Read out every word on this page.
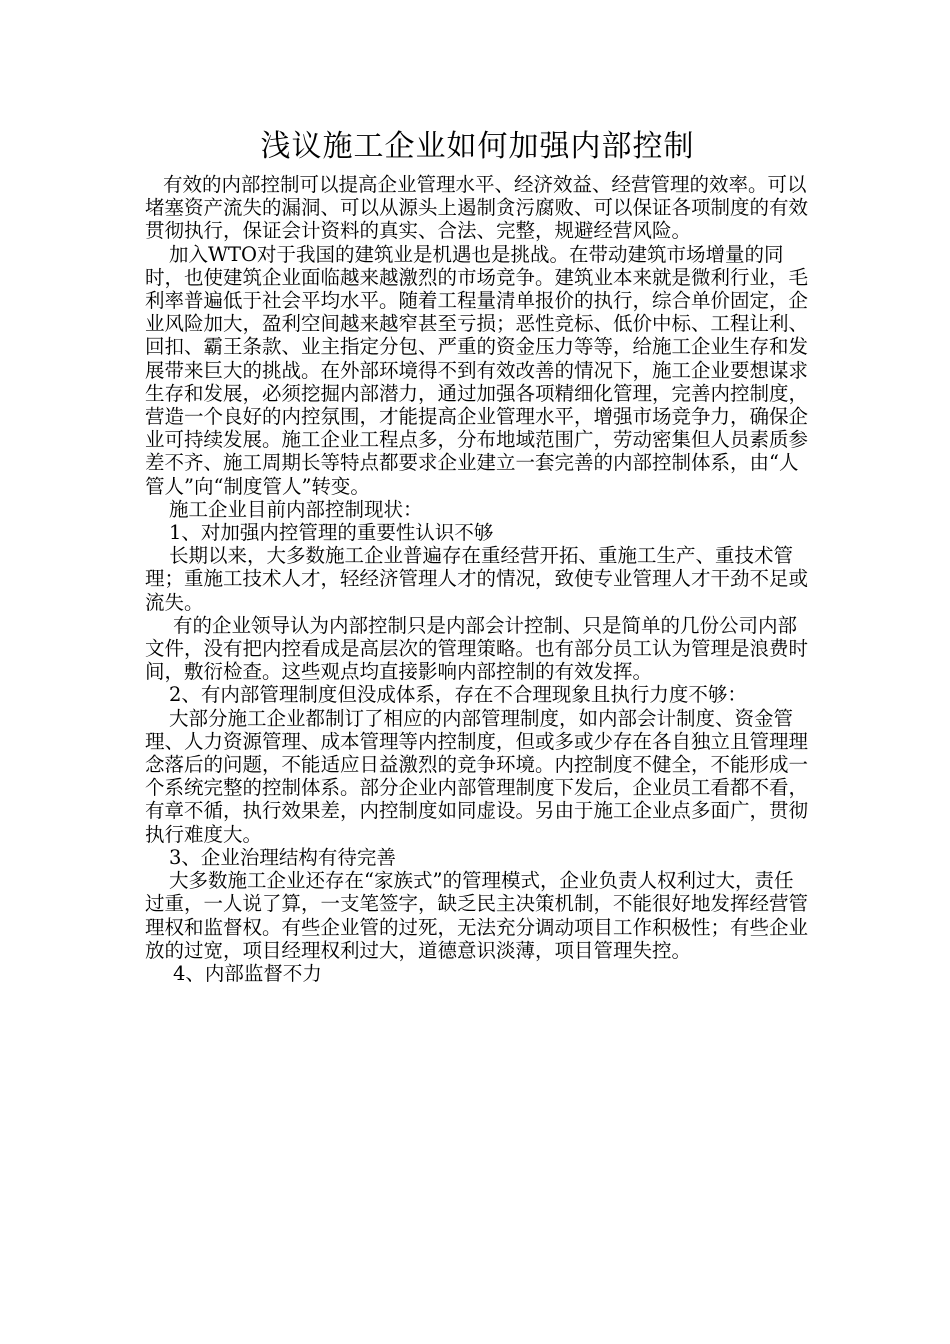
浅议施工企业如何加强内部控制

有效的内部控制可以提高企业管理水平、经济效益、经营管理的效率。可以堵塞资产流失的漏洞、可以从源头上遏制贪污腐败、可以保证各项制度的有效贯彻执行，保证会计资料的真实、合法、完整，规避经营风险。

加入WTO对于我国的建筑业是机遇也是挑战。在带动建筑市场增量的同时，也使建筑企业面临越来越激烈的市场竞争。建筑业本来就是微利行业，毛利率普遍低于社会平均水平。随着工程量清单报价的执行，综合单价固定，企业风险加大，盈利空间越来越窄甚至亏损；恶性竞标、低价中标、工程让利、回扣、霸王条款、业主指定分包、严重的资金压力等等，给施工企业生存和发展带来巨大的挑战。在外部环境得不到有效改善的情况下，施工企业要想谋求生存和发展，必须挖掘内部潜力，通过加强各项精细化管理，完善内控制度，营造一个良好的内控氛围，才能提高企业管理水平，增强市场竞争力，确保企业可持续发展。施工企业工程点多，分布地域范围广，劳动密集但人员素质参差不齐、施工周期长等特点都要求企业建立一套完善的内部控制体系，由“人管人”向“制度管人”转变。

施工企业目前内部控制现状：

1、对加强内控管理的重要性认识不够

长期以来，大多数施工企业普遍存在重经营开拓、重施工生产、重技术管理；重施工技术人才，轻经济管理人才的情况，致使专业管理人才干劲不足或流失。

有的企业领导认为内部控制只是内部会计控制、只是简单的几份公司内部文件，没有把内控看成是高层次的管理策略。也有部分员工认为管理是浪费时间，敷衍检查。这些观点均直接影响内部控制的有效发挥。

2、有内部管理制度但没成体系，存在不合理现象且执行力度不够：

大部分施工企业都制订了相应的内部管理制度，如内部会计制度、资金管理、人力资源管理、成本管理等内控制度，但或多或少存在各自独立且管理理念落后的问题，不能适应日益激烈的竞争环境。内控制度不健全，不能形成一个系统完整的控制体系。部分企业内部管理制度下发后，企业员工看都不看，有章不循，执行效果差，内控制度如同虚设。另由于施工企业点多面广，贯彻执行难度大。

3、企业治理结构有待完善

大多数施工企业还存在“家族式”的管理模式，企业负责人权利过大，责任过重，一人说了算，一支笔签字，缺乏民主决策机制，不能很好地发挥经营管理权和监督权。有些企业管的过死，无法充分调动项目工作积极性；有些企业放的过宽，项目经理权利过大，道德意识淡薄，项目管理失控。

4、内部监督不力
